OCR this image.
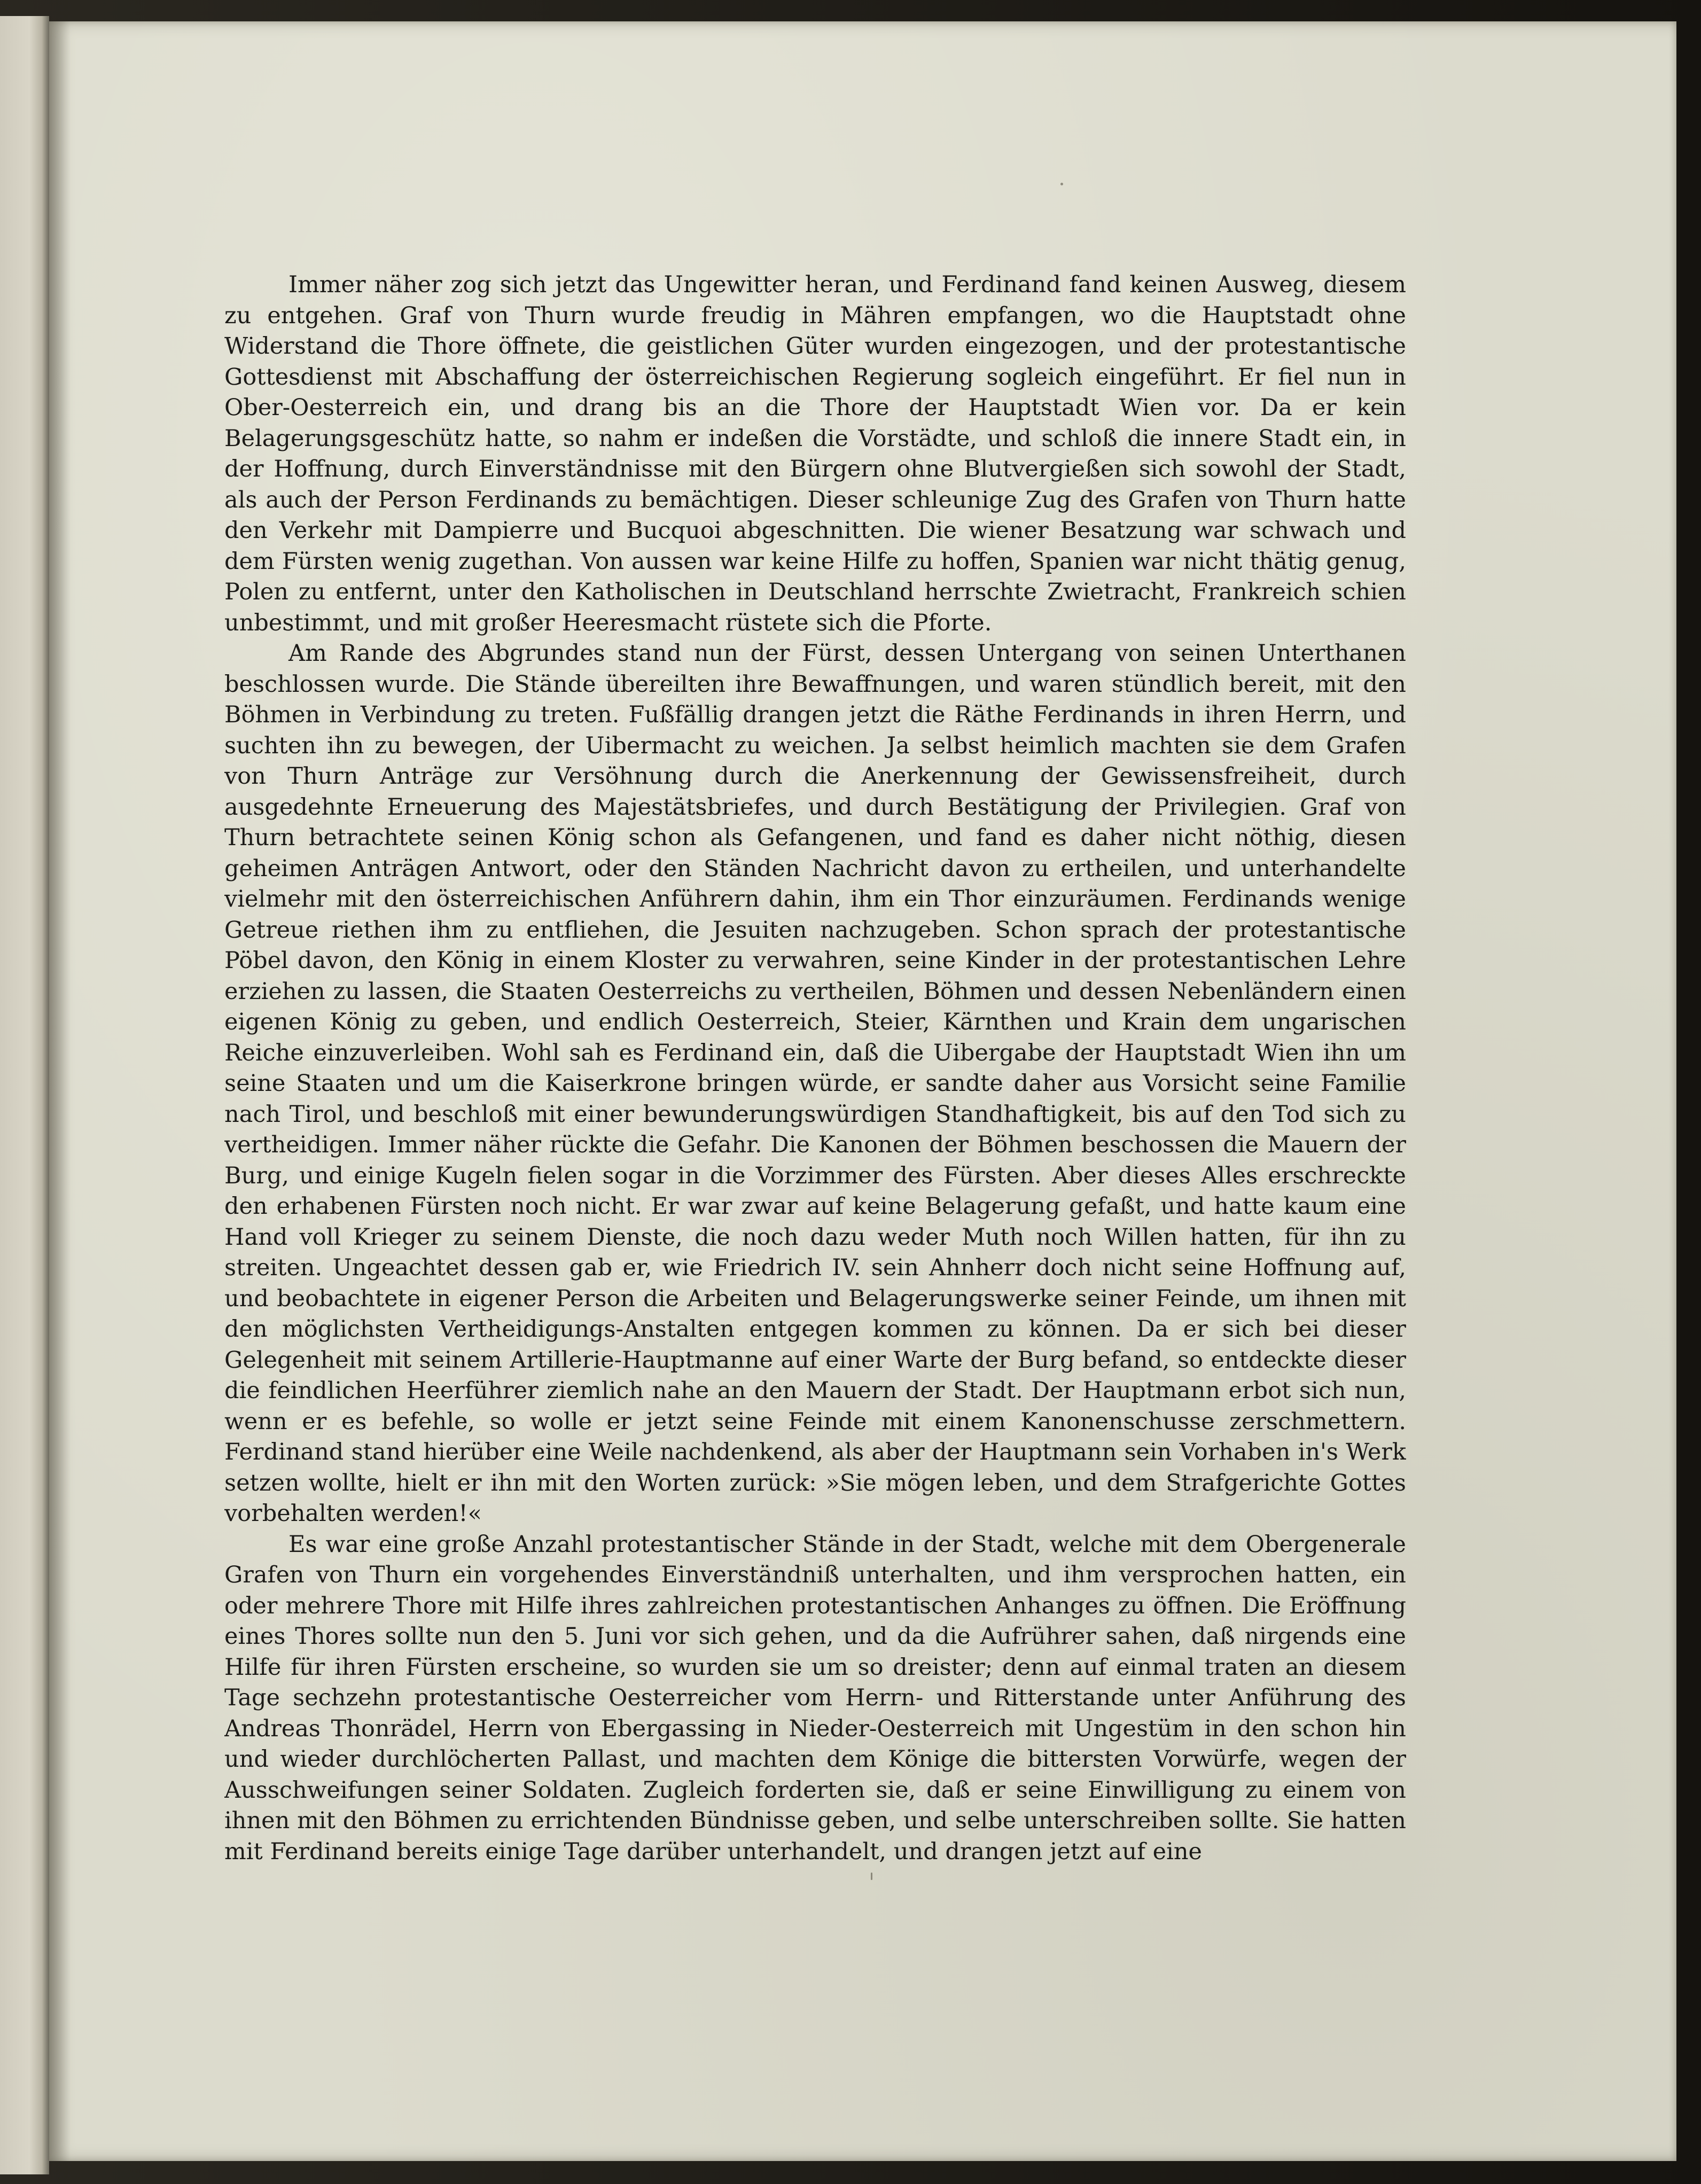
Immer näher zog sich jetzt das Ungewitter heran, und Ferdinand fand keinen Ausweg, diesem zu entgehen. Graf von Thurn wurde freudig in Mähren empfangen, wo die Hauptstadt ohne Widerstand die Thore öffnete, die geistlichen Güter wurden eingezogen, und der protestantische Gottesdienst mit Abschaffung der österreichischen Regierung sogleich eingeführt. Er fiel nun in Ober-Oesterreich ein, und drang bis an die Thore der Hauptstadt Wien vor. Da er kein Belagerungsgeschütz hatte, so nahm er indeßen die Vorstädte, und schloß die innere Stadt ein, in der Hoffnung, durch Einverständnisse mit den Bürgern ohne Blutvergießen sich sowohl der Stadt, als auch der Person Ferdinands zu bemächtigen. Dieser schleunige Zug des Grafen von Thurn hatte den Verkehr mit Dampierre und Bucquoi abgeschnitten. Die wiener Besatzung war schwach und dem Fürsten wenig zugethan. Von aussen war keine Hilfe zu hoffen, Spanien war nicht thätig genug, Polen zu entfernt, unter den Katholischen in Deutschland herrschte Zwietracht, Frankreich schien unbestimmt, und mit großer Heeresmacht rüstete sich die Pforte.

Am Rande des Abgrundes stand nun der Fürst, dessen Untergang von seinen Unterthanen beschlossen wurde. Die Stände übereilten ihre Bewaffnungen, und waren stündlich bereit, mit den Böhmen in Verbindung zu treten. Fußfällig drangen jetzt die Räthe Ferdinands in ihren Herrn, und suchten ihn zu bewegen, der Uibermacht zu weichen. Ja selbst heimlich machten sie dem Grafen von Thurn Anträge zur Versöhnung durch die Anerkennung der Gewissensfreiheit, durch ausgedehnte Erneuerung des Majestätsbriefes, und durch Bestätigung der Privilegien. Graf von Thurn betrachtete seinen König schon als Gefangenen, und fand es daher nicht nöthig, diesen geheimen Anträgen Antwort, oder den Ständen Nachricht davon zu ertheilen, und unterhandelte vielmehr mit den österreichischen Anführern dahin, ihm ein Thor einzuräumen. Ferdinands wenige Getreue riethen ihm zu entfliehen, die Jesuiten nachzugeben. Schon sprach der protestantische Pöbel davon, den König in einem Kloster zu verwahren, seine Kinder in der protestantischen Lehre erziehen zu lassen, die Staaten Oesterreichs zu vertheilen, Böhmen und dessen Nebenländern einen eigenen König zu geben, und endlich Oesterreich, Steier, Kärnthen und Krain dem ungarischen Reiche einzuverleiben. Wohl sah es Ferdinand ein, daß die Uibergabe der Hauptstadt Wien ihn um seine Staaten und um die Kaiserkrone bringen würde, er sandte daher aus Vorsicht seine Familie nach Tirol, und beschloß mit einer bewunderungswürdigen Standhaftigkeit, bis auf den Tod sich zu vertheidigen. Immer näher rückte die Gefahr. Die Kanonen der Böhmen beschossen die Mauern der Burg, und einige Kugeln fielen sogar in die Vorzimmer des Fürsten. Aber dieses Alles erschreckte den erhabenen Fürsten noch nicht. Er war zwar auf keine Belagerung gefaßt, und hatte kaum eine Hand voll Krieger zu seinem Dienste, die noch dazu weder Muth noch Willen hatten, für ihn zu streiten. Ungeachtet dessen gab er, wie Friedrich IV. sein Ahnherr doch nicht seine Hoffnung auf, und beobachtete in eigener Person die Arbeiten und Belagerungswerke seiner Feinde, um ihnen mit den möglichsten Vertheidigungs-Anstalten entgegen kommen zu können. Da er sich bei dieser Gelegenheit mit seinem Artillerie-Hauptmanne auf einer Warte der Burg befand, so entdeckte dieser die feindlichen Heerführer ziemlich nahe an den Mauern der Stadt. Der Hauptmann erbot sich nun, wenn er es befehle, so wolle er jetzt seine Feinde mit einem Kanonenschusse zerschmettern. Ferdinand stand hierüber eine Weile nachdenkend, als aber der Hauptmann sein Vorhaben in's Werk setzen wollte, hielt er ihn mit den Worten zurück: »Sie mögen leben, und dem Strafgerichte Gottes vorbehalten werden!«

Es war eine große Anzahl protestantischer Stände in der Stadt, welche mit dem Obergenerale Grafen von Thurn ein vorgehendes Einverständniß unterhalten, und ihm versprochen hatten, ein oder mehrere Thore mit Hilfe ihres zahlreichen protestantischen Anhanges zu öffnen. Die Eröffnung eines Thores sollte nun den 5. Juni vor sich gehen, und da die Aufrührer sahen, daß nirgends eine Hilfe für ihren Fürsten erscheine, so wurden sie um so dreister; denn auf einmal traten an diesem Tage sechzehn protestantische Oesterreicher vom Herrn- und Ritterstande unter Anführung des Andreas Thonrädel, Herrn von Ebergassing in Nieder-Oesterreich mit Ungestüm in den schon hin und wieder durchlöcherten Pallast, und machten dem Könige die bittersten Vorwürfe, wegen der Ausschweifungen seiner Soldaten. Zugleich forderten sie, daß er seine Einwilligung zu einem von ihnen mit den Böhmen zu errichtenden Bündnisse geben, und selbe unterschreiben sollte. Sie hatten mit Ferdinand bereits einige Tage darüber unterhandelt, und drangen jetzt auf eine
